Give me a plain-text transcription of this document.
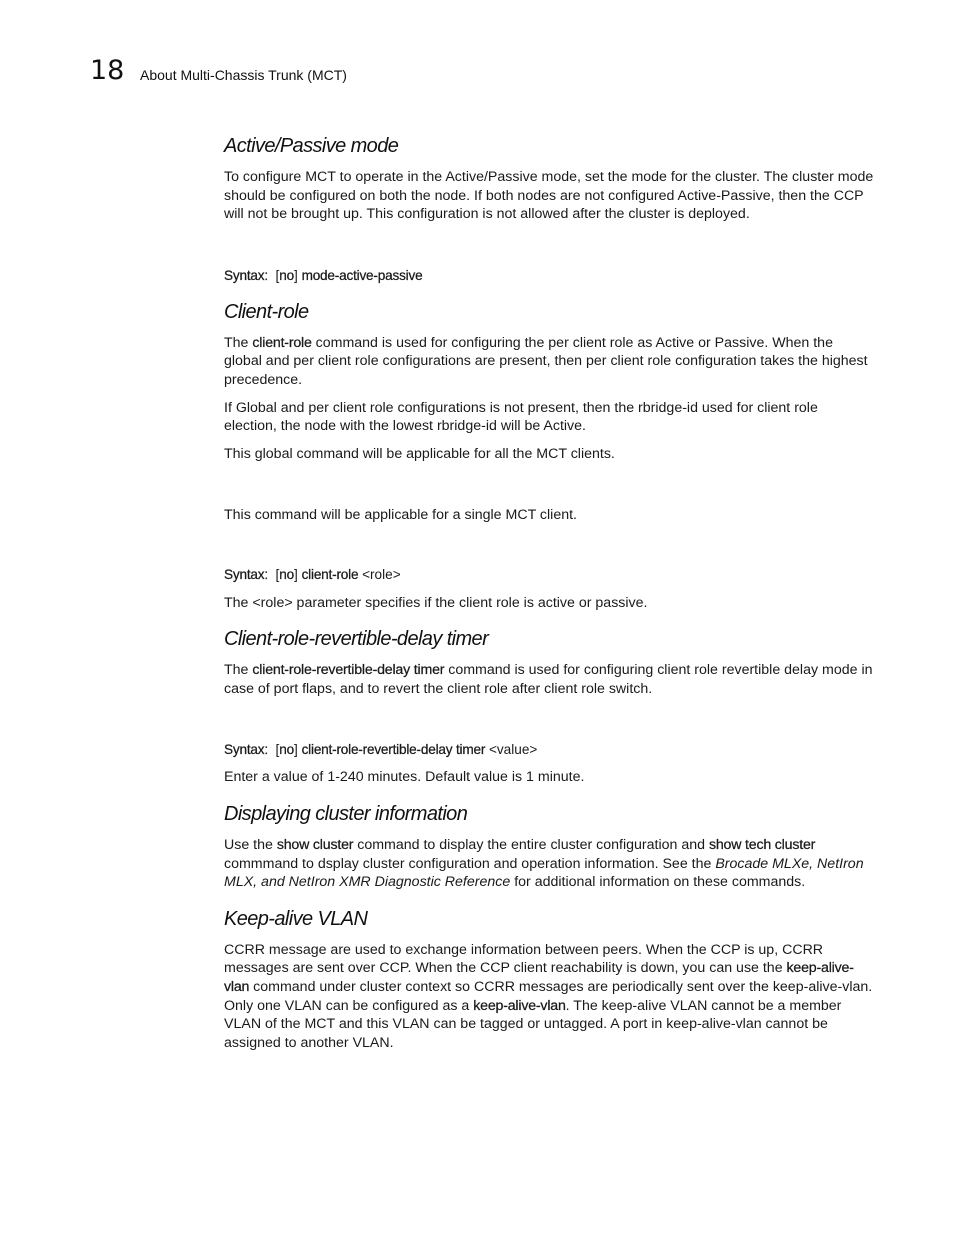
18 About Multi-Chassis Trunk (MCT)
Active/Passive mode

To configure MCT to operate in the Active/Passive mode, set the mode for the cluster. The cluster mode should be configured on both the node. If both nodes are not configured Active-Passive, then the CCP will not be brought up. This configuration is not allowed after the cluster is deployed.

Syntax: [no] mode-active-passive
Client-role

The client-role command is used for configuring the per client role as Active or Passive. When the global and per client role configurations are present, then per client role configuration takes the highest precedence.

If Global and per client role configurations is not present, then the rbridge-id used for client role election, the node with the lowest rbridge-id will be Active.

This global command will be applicable for all the MCT clients.

This command will be applicable for a single MCT client.

Syntax: [no] client-role <role>

The <role> parameter specifies if the client role is active or passive.

Client-role-revertible-delay timer

The client-role-revertible-delay timer command is used for configuring client role revertible delay mode in case of port flaps, and to revert the client role after client role switch.

Syntax: [no] client-role-revertible-delay timer <value>

Enter a value of 1-240 minutes. Default value is 1 minute.

Displaying cluster information

Use the show cluster command to display the entire cluster configuration and show tech cluster commmand to dsplay cluster configuration and operation information. See the Brocade MLXe, NetIron MLX, and NetIron XMR Diagnostic Reference for additional information on these commands.

Keep-alive VLAN

CCRR message are used to exchange information between peers. When the CCP is up, CCRR messages are sent over CCP. When the CCP client reachability is down, you can use the keep-alive-vlan command under cluster context so CCRR messages are periodically sent over the keep-alive-vlan. Only one VLAN can be configured as a keep-alive-vlan. The keep-alive VLAN cannot be a member VLAN of the MCT and this VLAN can be tagged or untagged. A port in keep-alive-vlan cannot be assigned to another VLAN.
